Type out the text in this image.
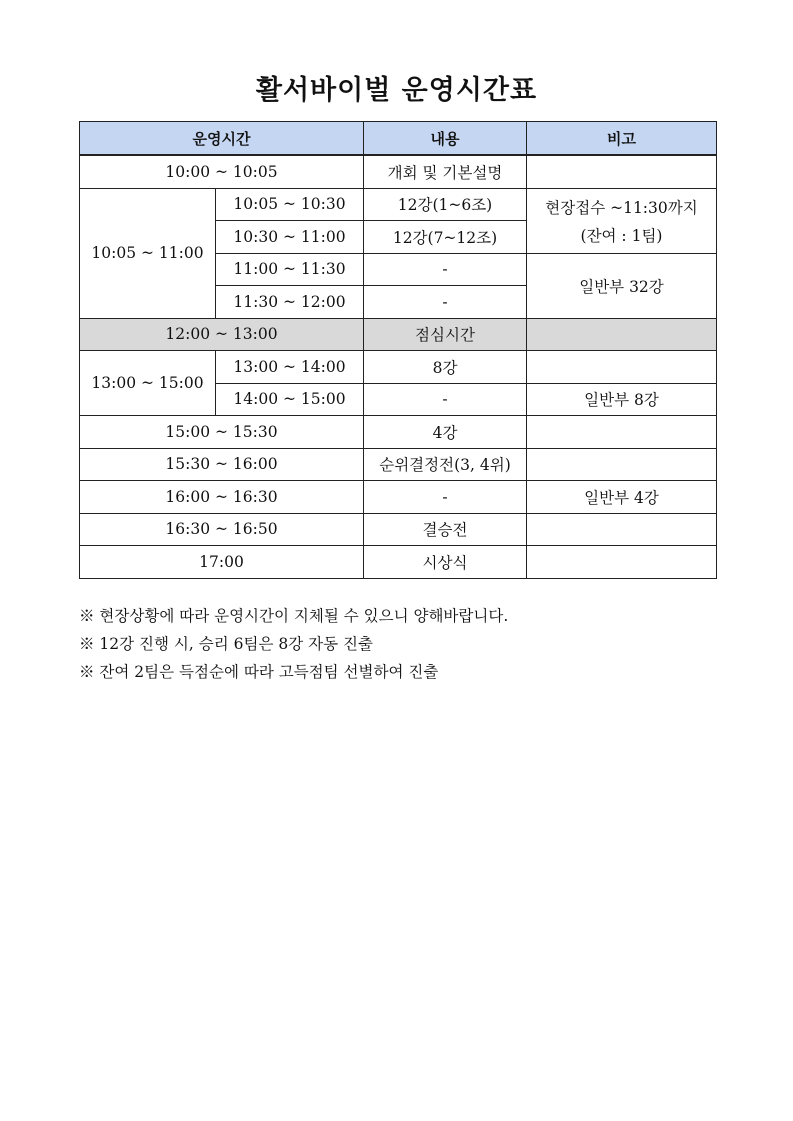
활서바이벌 운영시간표
운영시간		내용	비고
10:00 ~ 10:05		개회 및 기본설명	
10:05 ~ 11:00	10:05 ~ 10:30	12강(1~6조)	현장접수 ~11:30까지
(잔여 : 1팀)

	10:30 ~ 11:00	12강(7~12조)	
	11:00 ~ 11:30	-	일반부 32강
	11:30 ~ 12:00	-	
12:00 ~ 13:00		점심시간	
13:00 ~ 15:00	13:00 ~ 14:00	8강	
	14:00 ~ 15:00	-	일반부 8강
15:00 ~ 15:30		4강	
15:30 ~ 16:00		순위결정전(3, 4위)	
16:00 ~ 16:30		-	일반부 4강
16:30 ~ 16:50		결승전	
17:00		시상식	
※ 현장상황에 따라 운영시간이 지체될 수 있으니 양해바랍니다.
※ 12강 진행 시, 승리 6팀은 8강 자동 진출
※ 잔여 2팀은 득점순에 따라 고득점팀 선별하여 진출
